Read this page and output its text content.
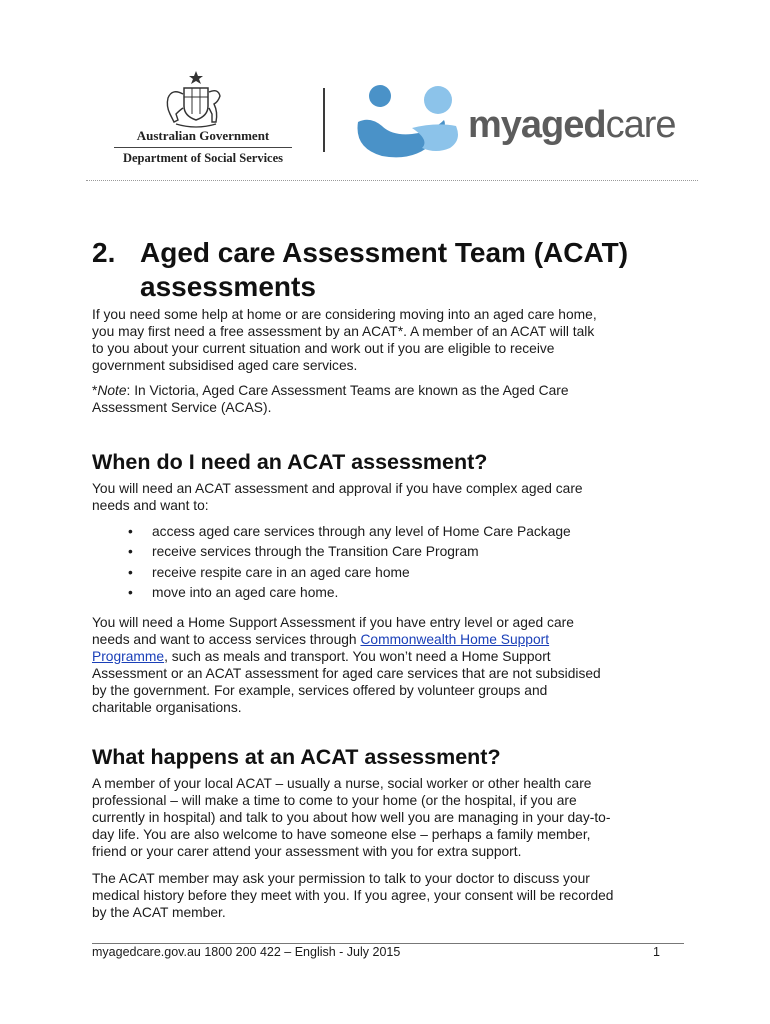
Australian Government
Department of Social Services
myagedcare
2. Aged care Assessment Team (ACAT)
assessments
If you need some help at home or are considering moving into an aged care home,
you may first need a free assessment by an ACAT*. A member of an ACAT will talk
to you about your current situation and work out if you are eligible to receive
government subsidised aged care services.
*Note: In Victoria, Aged Care Assessment Teams are known as the Aged Care
Assessment Service (ACAS).
When do I need an ACAT assessment?
You will need an ACAT assessment and approval if you have complex aged care
needs and want to:
• access aged care services through any level of Home Care Package
• receive services through the Transition Care Program
• receive respite care in an aged care home
• move into an aged care home.
You will need a Home Support Assessment if you have entry level or aged care
needs and want to access services through Commonwealth Home Support
Programme, such as meals and transport. You won’t need a Home Support
Assessment or an ACAT assessment for aged care services that are not subsidised
by the government. For example, services offered by volunteer groups and
charitable organisations.
What happens at an ACAT assessment?
A member of your local ACAT – usually a nurse, social worker or other health care
professional – will make a time to come to your home (or the hospital, if you are
currently in hospital) and talk to you about how well you are managing in your day-to-
day life. You are also welcome to have someone else – perhaps a family member,
friend or your carer attend your assessment with you for extra support.
The ACAT member may ask your permission to talk to your doctor to discuss your
medical history before they meet with you. If you agree, your consent will be recorded
by the ACAT member.
myagedcare.gov.au 1800 200 422 – English - July 2015	1
